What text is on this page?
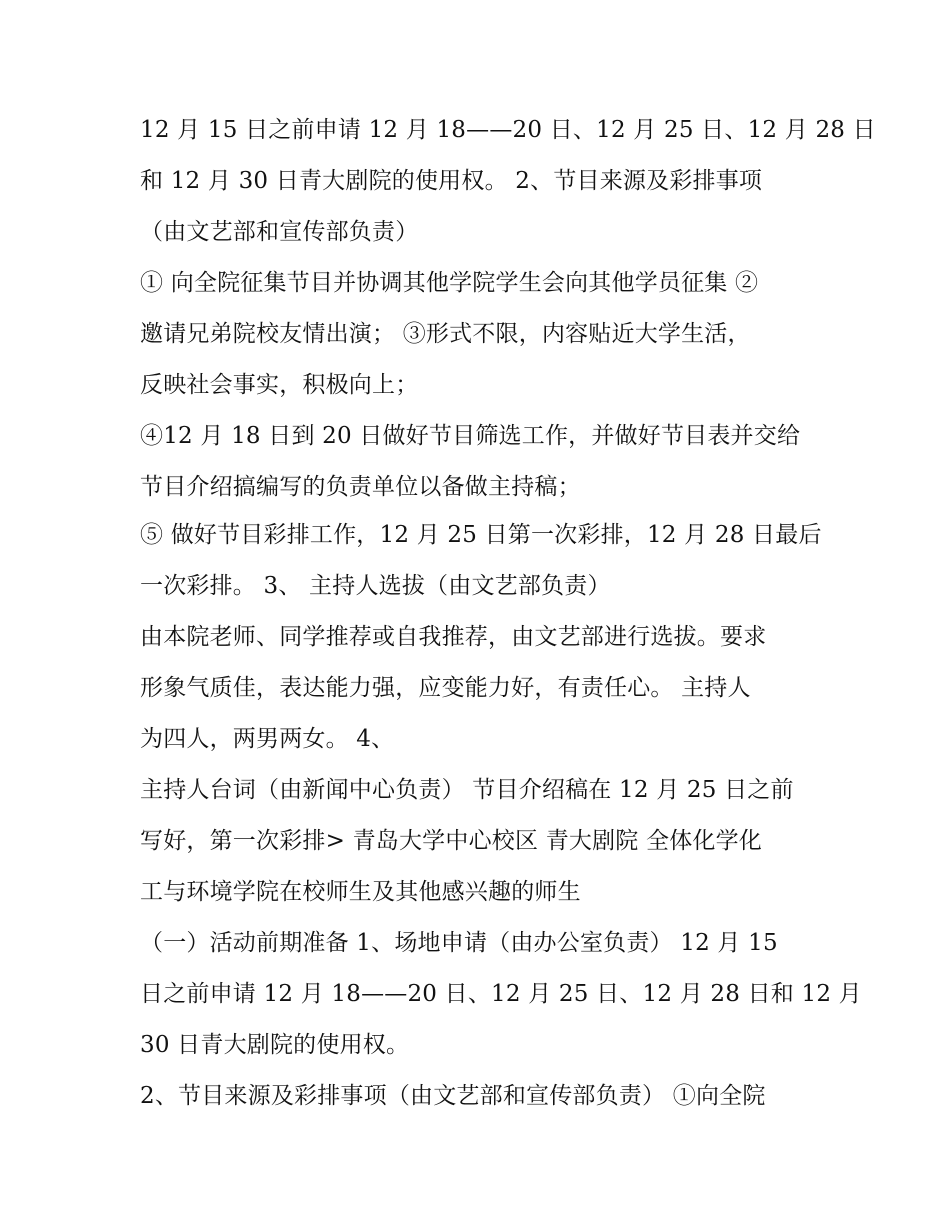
12 月 15 日之前申请 12 月 18——20 日、12 月 25 日、12 月 28 日
和 12 月 30 日青大剧院的使用权。 2、节目来源及彩排事项
（由文艺部和宣传部负责）
① 向全院征集节目并协调其他学院学生会向其他学员征集 ②
邀请兄弟院校友情出演； ③形式不限，内容贴近大学生活，
反映社会事实，积极向上；
④12 月 18 日到 20 日做好节目筛选工作，并做好节目表并交给
节目介绍搞编写的负责单位以备做主持稿；
⑤ 做好节目彩排工作，12 月 25 日第一次彩排，12 月 28 日最后
一次彩排。 3、 主持人选拔（由文艺部负责）
由本院老师、同学推荐或自我推荐，由文艺部进行选拔。要求
形象气质佳，表达能力强，应变能力好，有责任心。 主持人
为四人，两男两女。 4、
主持人台词（由新闻中心负责） 节目介绍稿在 12 月 25 日之前
写好，第一次彩排> 青岛大学中心校区 青大剧院 全体化学化
工与环境学院在校师生及其他感兴趣的师生
（一）活动前期准备 1、场地申请（由办公室负责） 12 月 15
日之前申请 12 月 18——20 日、12 月 25 日、12 月 28 日和 12 月
30 日青大剧院的使用权。
2、节目来源及彩排事项（由文艺部和宣传部负责） ①向全院
